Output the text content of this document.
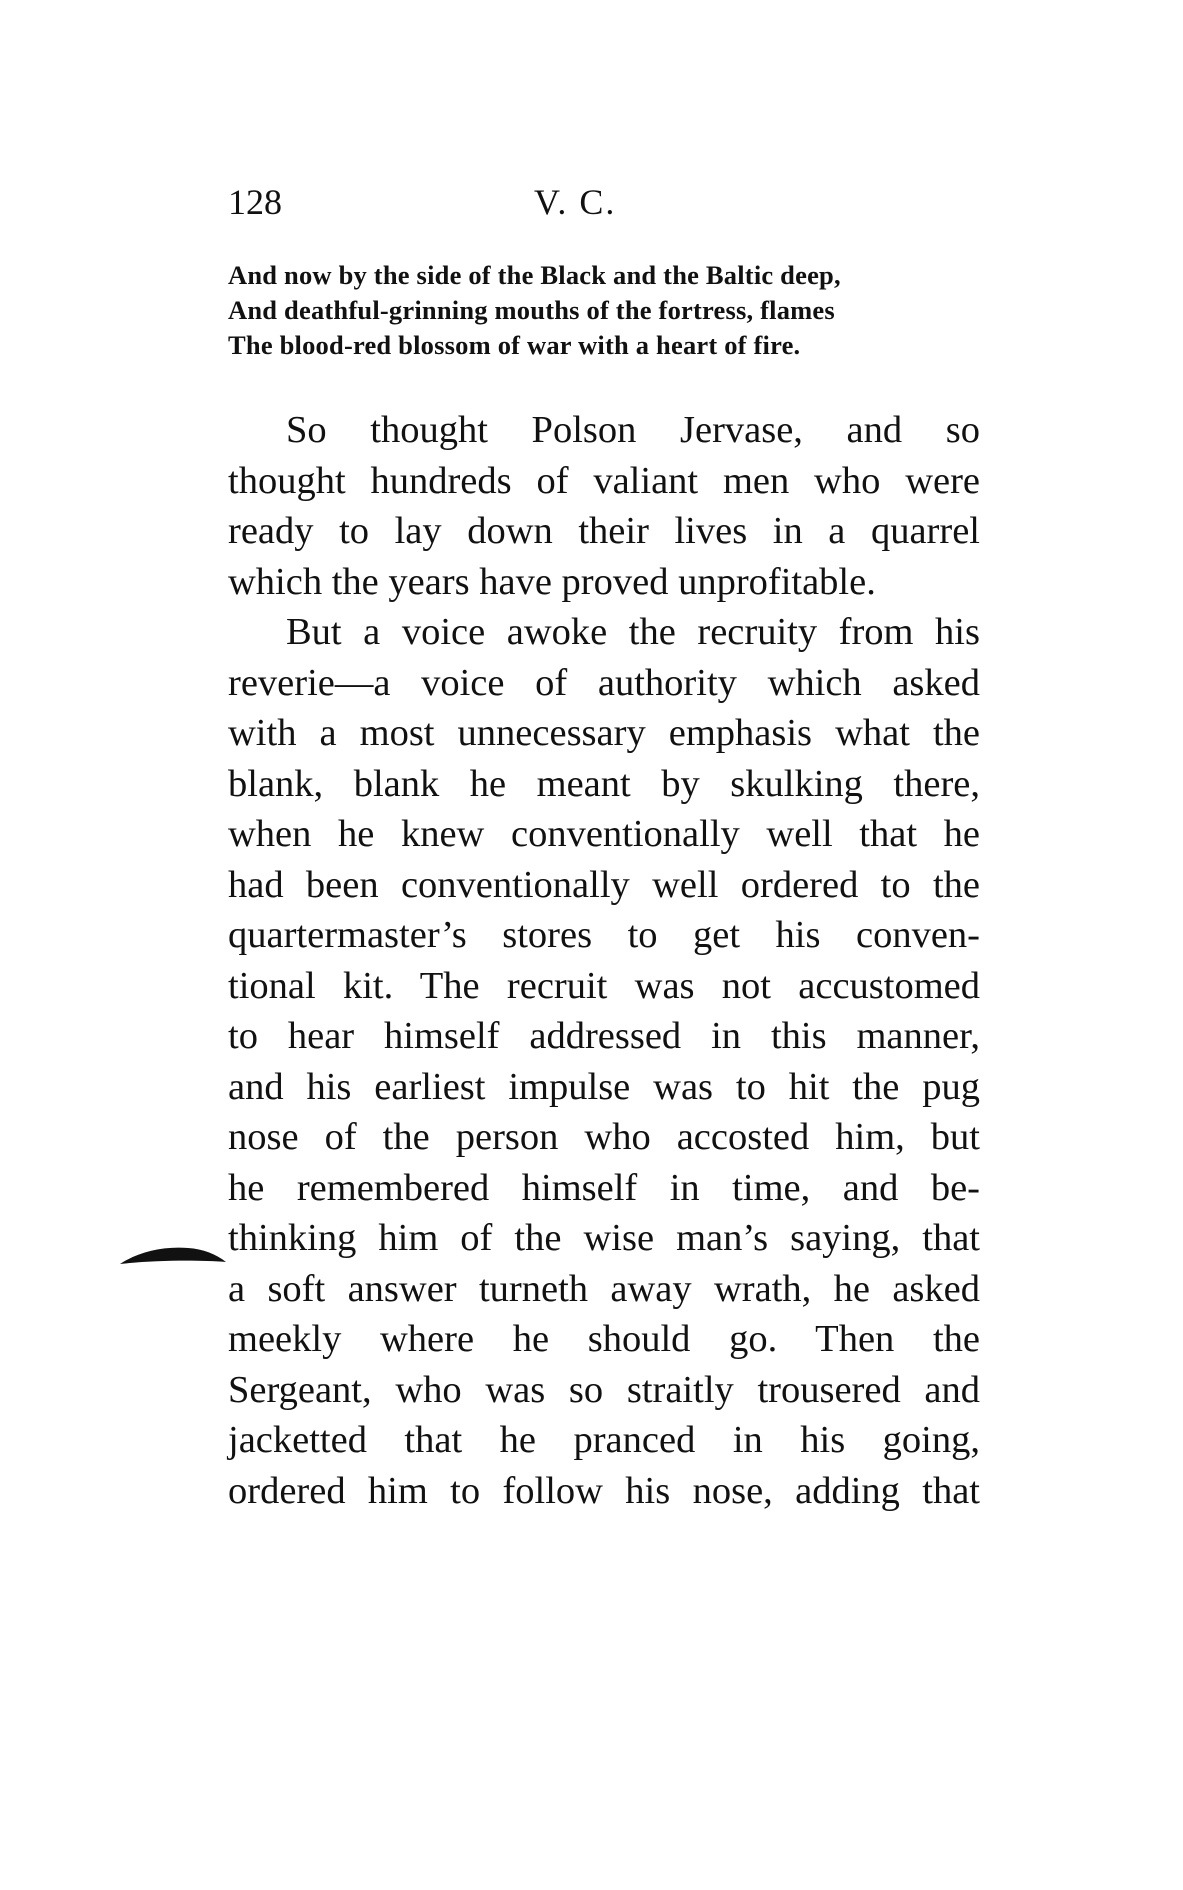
128	V. C.
And now by the side of the Black and the Baltic deep,
And deathful-grinning mouths of the fortress, flames
The blood-red blossom of war with a heart of fire.
So thought Polson Jervase, and so
thought hundreds of valiant men who were
ready to lay down their lives in a quarrel
which the years have proved unprofitable.
But a voice awoke the recruity from his
reverie—a voice of authority which asked
with a most unnecessary emphasis what the
blank, blank he meant by skulking there,
when he knew conventionally well that he
had been conventionally well ordered to the
quartermaster’s stores to get his conven-
tional kit. The recruit was not accustomed
to hear himself addressed in this manner,
and his earliest impulse was to hit the pug
nose of the person who accosted him, but
he remembered himself in time, and be-
thinking him of the wise man’s saying, that
a soft answer turneth away wrath, he asked
meekly where he should go. Then the
Sergeant, who was so straitly trousered and
jacketted that he pranced in his going,
ordered him to follow his nose, adding that
